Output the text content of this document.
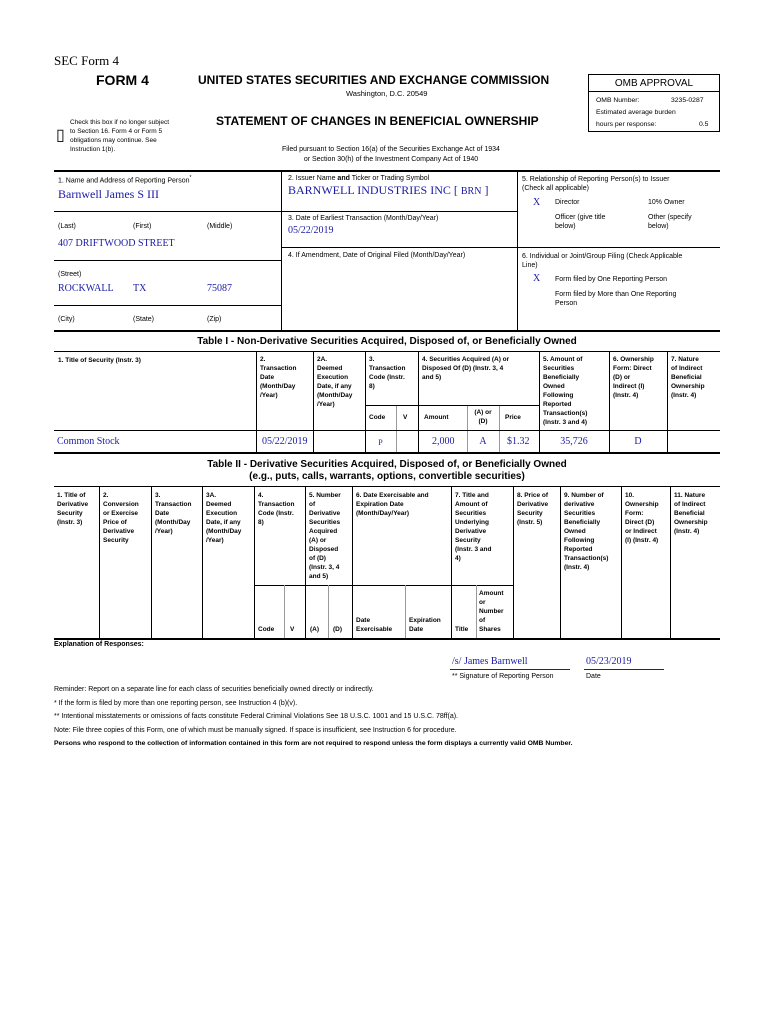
SEC Form 4
FORM 4	UNITED STATES SECURITIES AND EXCHANGE COMMISSION
Washington, D.C. 20549
OMB APPROVAL
OMB Number:	3235-0287
Estimated average burden
hours per response:	0.5
▯
Check this box if no longer subject
to Section 16. Form 4 or Form 5
obligations may continue. See
Instruction 1(b).
STATEMENT OF CHANGES IN BENEFICIAL OWNERSHIP
Filed pursuant to Section 16(a) of the Securities Exchange Act of 1934
or Section 30(h) of the Investment Company Act of 1940
1. Name and Address of Reporting Person*
Barnwell James S III
(Last)	(First)	(Middle)
407 DRIFTWOOD STREET
(Street)
ROCKWALL TX	75087
(City)	(State)	(Zip)
2. Issuer Name and Ticker or Trading Symbol
BARNWELL INDUSTRIES INC [ BRN ]
3. Date of Earliest Transaction (Month/Day/Year)
05/22/2019
4. If Amendment, Date of Original Filed (Month/Day/Year)
5. Relationship of Reporting Person(s) to Issuer
(Check all applicable)
X Director	10% Owner
Officer (give title
below)
Other (specify
below)
6. Individual or Joint/Group Filing (Check Applicable
Line)
X Form filed by One Reporting Person
Form filed by More than One Reporting
Person
Table I - Non-Derivative Securities Acquired, Disposed of, or Beneficially Owned
1. Title of Security (Instr. 3)	2.
Transaction
Date
(Month/Day
/Year)
2A.
Deemed
Execution
Date, if any
(Month/Day
/Year)
3.
Transaction
Code (Instr.
8)
4. Securities Acquired (A) or
Disposed Of (D) (Instr. 3, 4
and 5)
5. Amount of
Securities
Beneficially
Owned
Following
Reported
Transaction(s)
(Instr. 3 and 4)
6. Ownership
Form: Direct
(D) or
Indirect (I)
(Instr. 4)
7. Nature
of Indirect
Beneficial
Ownership
(Instr. 4)
Code	V	Amount
(A) or
(D)
Price
Common Stock	05/22/2019	P	2,000	A	$1.32	35,726	D
Table II - Derivative Securities Acquired, Disposed of, or Beneficially Owned
(e.g., puts, calls, warrants, options, convertible securities)
1. Title of
Derivative
Security
(Instr. 3)
2.
Conversion
or Exercise
Price of
Derivative
Security
3.
Transaction
Date
(Month/Day
/Year)
3A.
Deemed
Execution
Date, if any
(Month/Day
/Year)
4.
Transaction
Code (Instr.
8)
5. Number
of
Derivative
Securities
Acquired
(A) or
Disposed
of (D)
(Instr. 3, 4
and 5)
6. Date Exercisable and
Expiration Date
(Month/Day/Year)
7. Title and
Amount of
Securities
Underlying
Derivative
Security
(Instr. 3 and
4)
8. Price of
Derivative
Security
(Instr. 5)
9. Number of
derivative
Securities
Beneficially
Owned
Following
Reported
Transaction(s)
(Instr. 4)
10.
Ownership
Form:
Direct (D)
or Indirect
(I) (Instr. 4)
11. Nature
of Indirect
Beneficial
Ownership
(Instr. 4)
Code V (A) (D)
Date
Exercisable
Expiration
Date	Title
Amount
or
Number
of
Shares
Explanation of Responses:
/s/ James Barnwell	05/23/2019
** Signature of Reporting Person	Date
Reminder: Report on a separate line for each class of securities beneficially owned directly or indirectly.
* If the form is filed by more than one reporting person, see Instruction 4 (b)(v).
** Intentional misstatements or omissions of facts constitute Federal Criminal Violations See 18 U.S.C. 1001 and 15 U.S.C. 78ff(a).
Note: File three copies of this Form, one of which must be manually signed. If space is insufficient, see Instruction 6 for procedure.
Persons who respond to the collection of information contained in this form are not required to respond unless the form displays a currently valid OMB Number.
